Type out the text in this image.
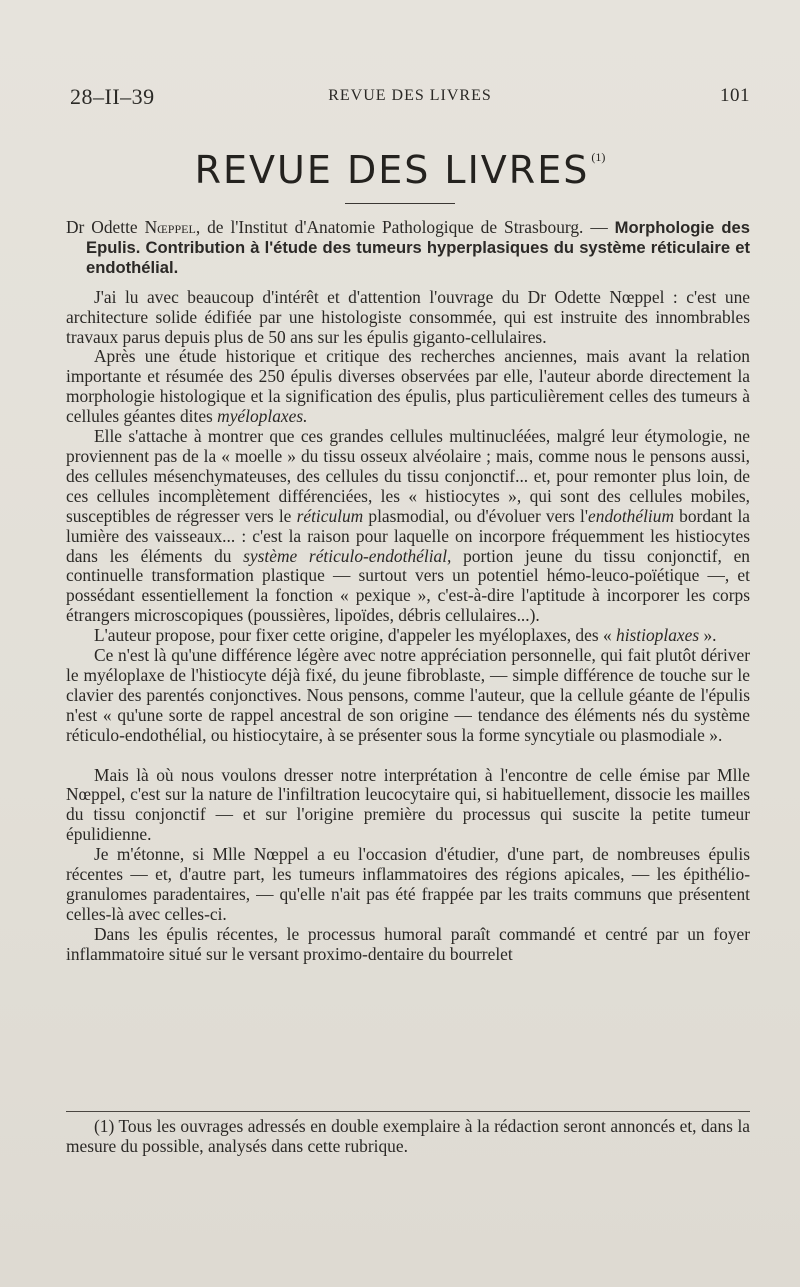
28–II–39	REVUE DES LIVRES	101
REVUE DES LIVRES $^{(1)}$

Dr Odette Nœppel, de l'Institut d'Anatomie Pathologique de Strasbourg. — Morphologie des Epulis. Contribution à l'étude des tumeurs hyperplasiques du système réticulaire et endothélial.

J'ai lu avec beaucoup d'intérêt et d'attention l'ouvrage du Dr Odette Nœppel : c'est une architecture solide édifiée par une histologiste consommée, qui est instruite des innombrables travaux parus depuis plus de 50 ans sur les épulis giganto-cellulaires.

Après une étude historique et critique des recherches anciennes, mais avant la relation importante et résumée des 250 épulis diverses observées par elle, l'auteur aborde directement la morphologie histologique et la signification des épulis, plus particulièrement celles des tumeurs à cellules géantes dites myéloplaxes.

Elle s'attache à montrer que ces grandes cellules multinucléées, malgré leur étymologie, ne proviennent pas de la « moelle » du tissu osseux alvéolaire ; mais, comme nous le pensons aussi, des cellules mésenchymateuses, des cellules du tissu conjonctif... et, pour remonter plus loin, de ces cellules incomplètement différenciées, les « histiocytes », qui sont des cellules mobiles, susceptibles de régresser vers le réticulum plasmodial, ou d'évoluer vers l'endothélium bordant la lumière des vaisseaux... : c'est la raison pour laquelle on incorpore fréquemment les histiocytes dans les éléments du système réticulo-endothélial, portion jeune du tissu conjonctif, en continuelle transformation plastique — surtout vers un potentiel hémo-leuco-poïétique —, et possédant essentiellement la fonction « pexique », c'est-à-dire l'aptitude à incorporer les corps étrangers microscopiques (poussières, lipoïdes, débris cellulaires...).

L'auteur propose, pour fixer cette origine, d'appeler les myéloplaxes, des « histioplaxes ».

Ce n'est là qu'une différence légère avec notre appréciation personnelle, qui fait plutôt dériver le myéloplaxe de l'histiocyte déjà fixé, du jeune fibroblaste, — simple différence de touche sur le clavier des parentés conjonctives. Nous pensons, comme l'auteur, que la cellule géante de l'épulis n'est « qu'une sorte de rappel ancestral de son origine — tendance des éléments nés du système réticulo-endothélial, ou histiocytaire, à se présenter sous la forme syncytiale ou plasmodiale ».

Mais là où nous voulons dresser notre interprétation à l'encontre de celle émise par Mlle Nœppel, c'est sur la nature de l'infiltration leucocytaire qui, si habituellement, dissocie les mailles du tissu conjonctif — et sur l'origine première du processus qui suscite la petite tumeur épulidienne.

Je m'étonne, si Mlle Nœppel a eu l'occasion d'étudier, d'une part, de nombreuses épulis récentes — et, d'autre part, les tumeurs inflammatoires des régions apicales, — les épithélio-granulomes paradentaires, — qu'elle n'ait pas été frappée par les traits communs que présentent celles-là avec celles-ci.

Dans les épulis récentes, le processus humoral paraît commandé et centré par un foyer inflammatoire situé sur le versant proximo-dentaire du bourrelet

(1) Tous les ouvrages adressés en double exemplaire à la rédaction seront annoncés et, dans la mesure du possible, analysés dans cette rubrique.
